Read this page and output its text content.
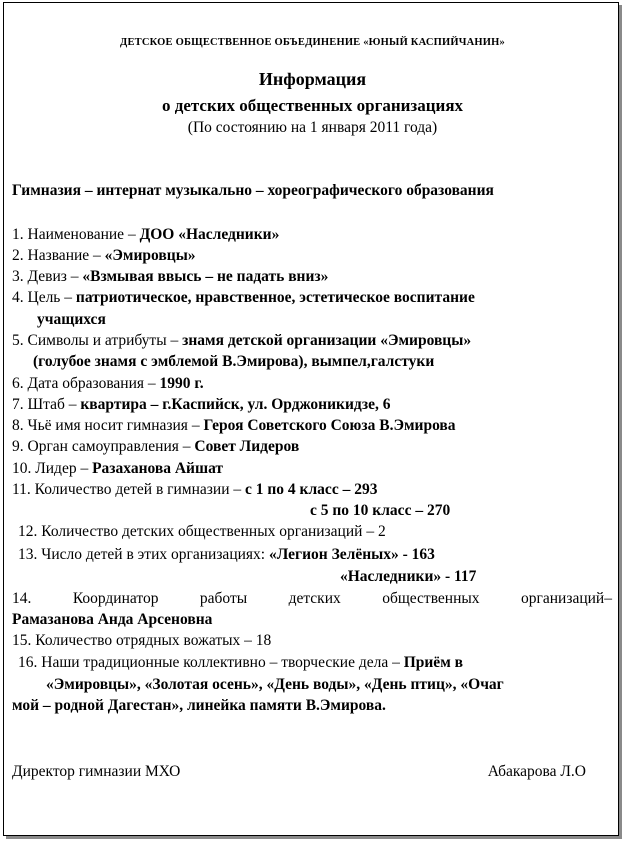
ДЕТСКОЕ ОБЩЕСТВЕННОЕ ОБЪЕДИНЕНИЕ «ЮНЫЙ КАСПИЙЧАНИН»
Информация
о детских общественных организациях
(По состоянию на 1 января 2011 года)
Гимназия – интернат музыкально – хореографического образования
1. Наименование – ДОО «Наследники»
2. Название – «Эмировцы»
3. Девиз – «Взмывая ввысь – не падать вниз»
4. Цель – патриотическое, нравственное, эстетическое воспитание
учащихся
5. Символы и атрибуты – знамя детской организации «Эмировцы»
(голубое знамя с эмблемой В.Эмирова), вымпел,галстуки
6. Дата образования – 1990 г.
7. Штаб – квартира – г.Каспийск, ул. Орджоникидзе, 6
8. Чьё имя носит гимназия – Героя Советского Союза В.Эмирова
9. Орган самоуправления – Совет Лидеров
10. Лидер – Разаханова Айшат
11. Количество детей в гимназии – с 1 по 4 класс – 293
с 5 по 10 класс – 270
12. Количество детских общественных организаций – 2
13. Число детей в этих организациях: «Легион Зелёных» - 163
«Наследники» - 117
14.	Координатор	работы	детских	общественных	организаций–
Рамазанова Анда Арсеновна
15. Количество отрядных вожатых – 18
16. Наши традиционные коллективно – творческие дела – Приём в
«Эмировцы», «Золотая осень», «День воды», «День птиц», «Очаг
мой – родной Дагестан», линейка памяти В.Эмирова.
Директор гимназии МХО	Абакарова Л.О
